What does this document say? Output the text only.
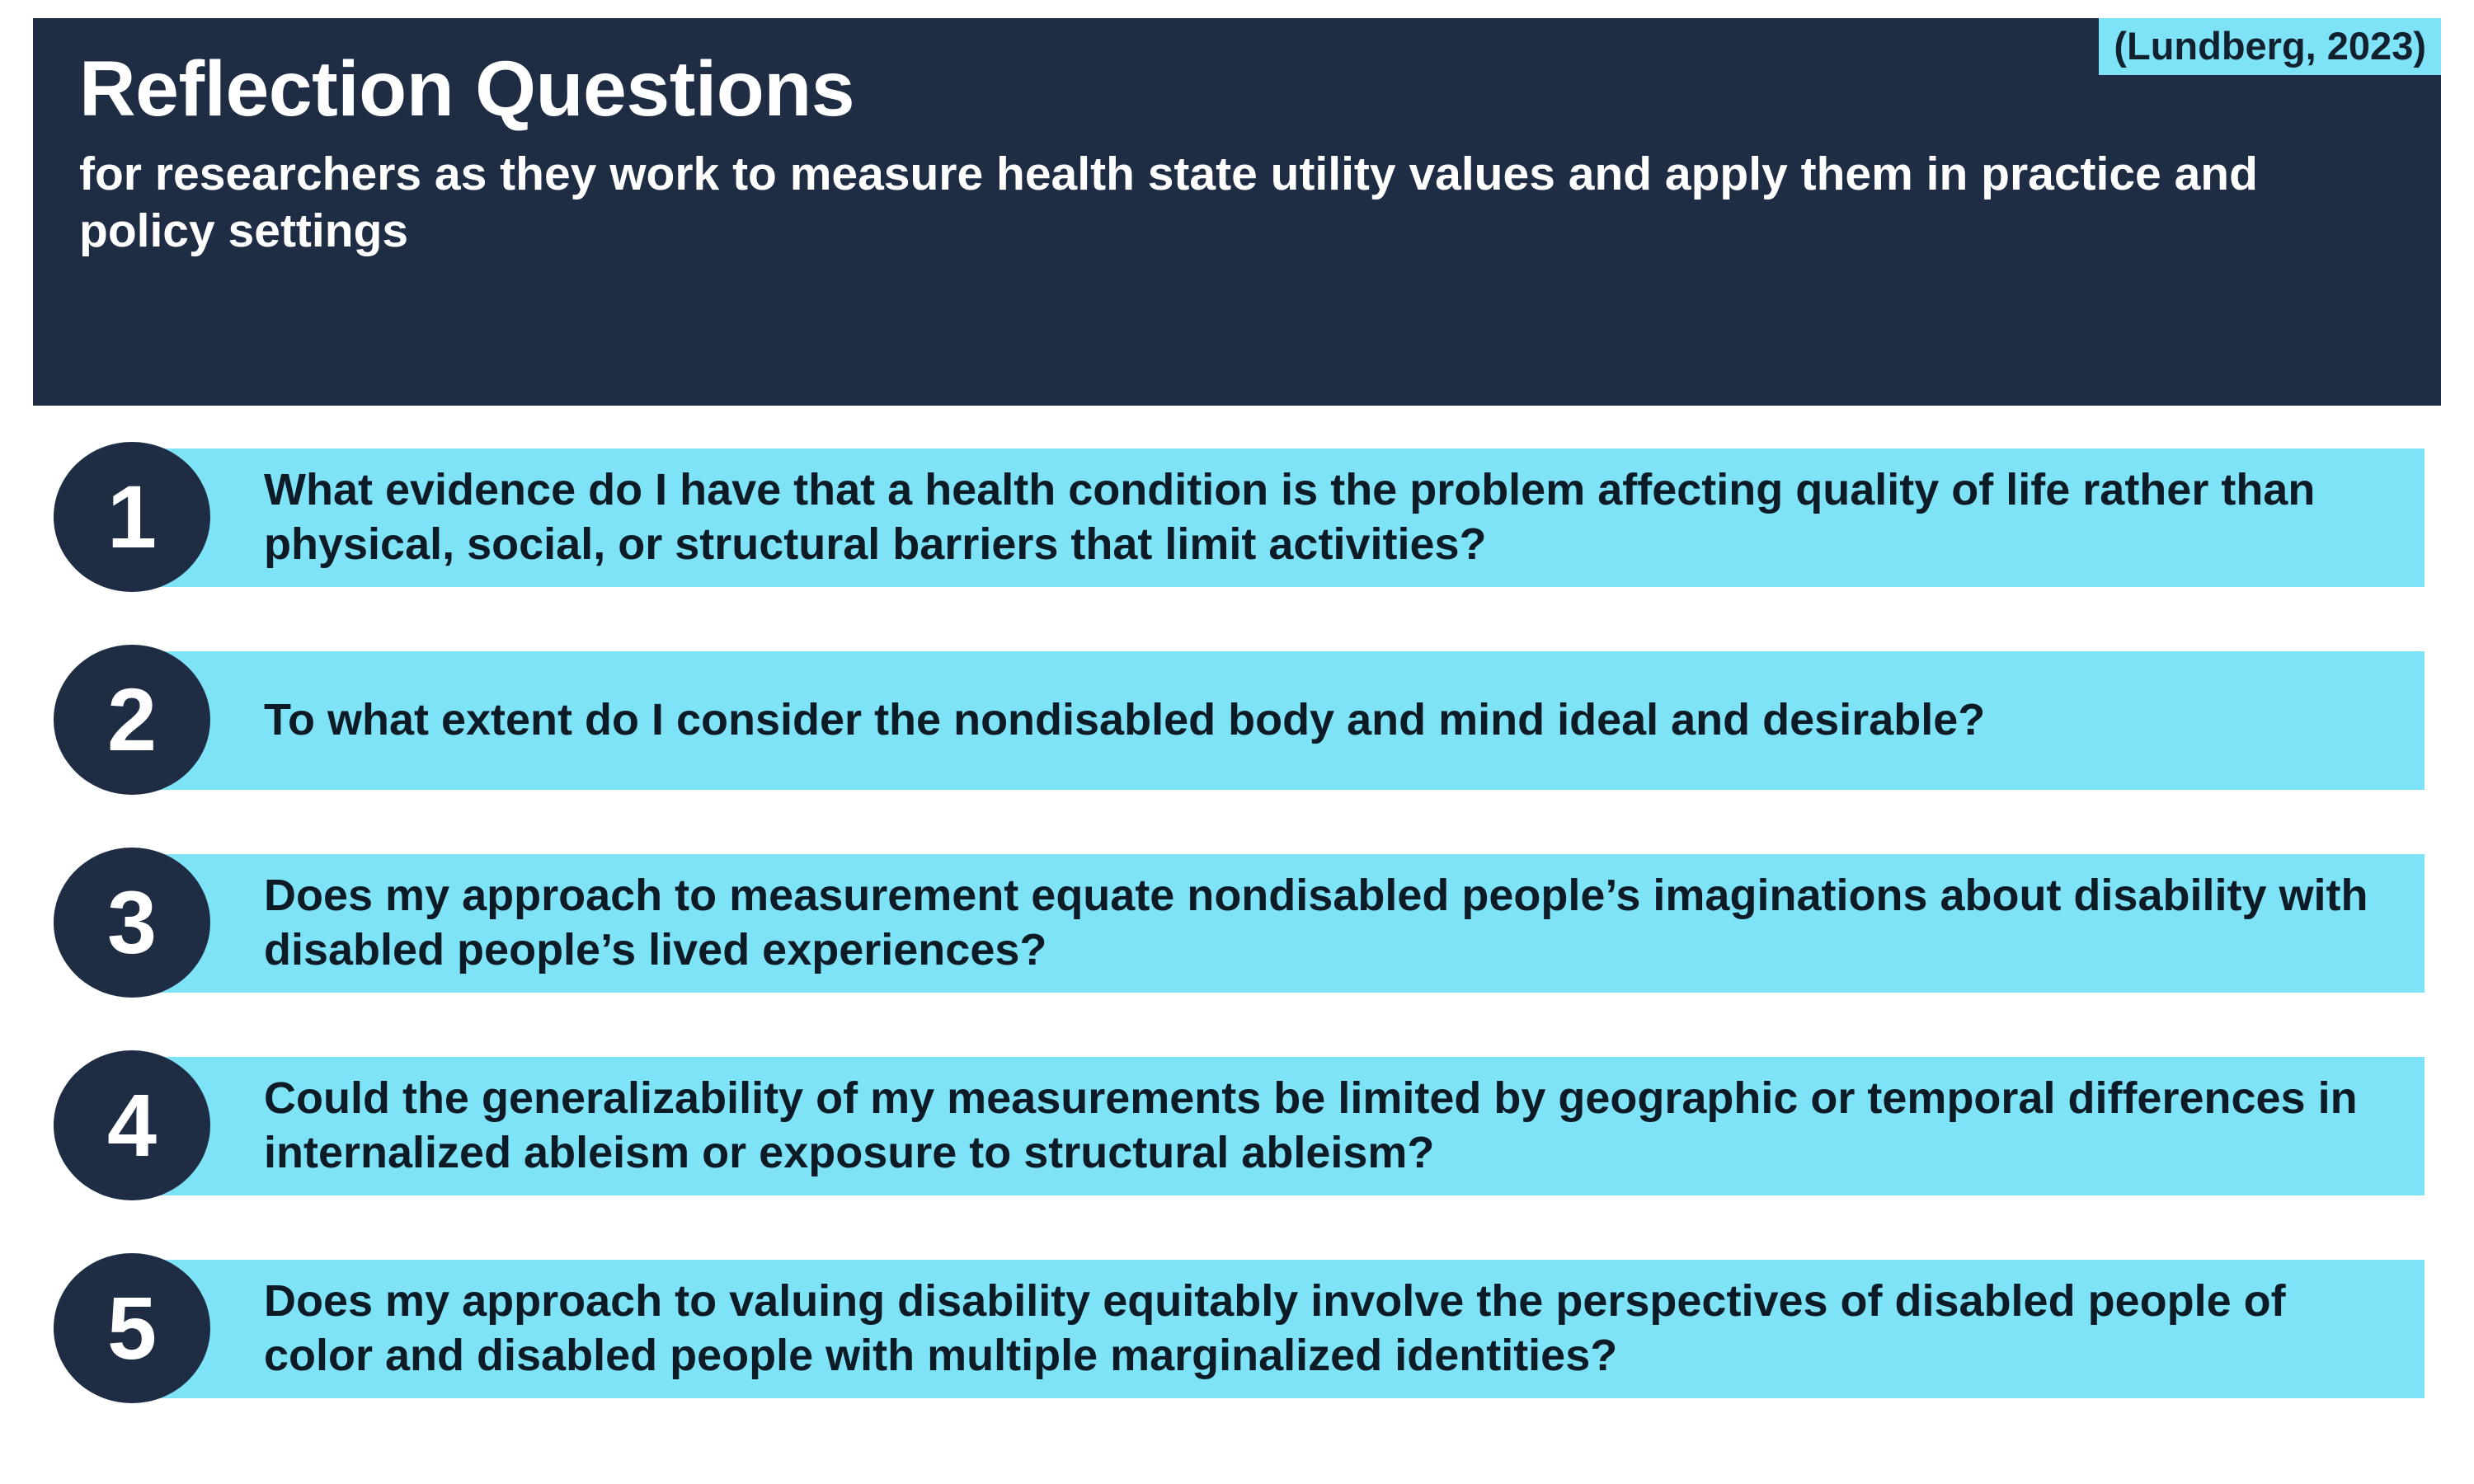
(Lundberg, 2023)
Reflection Questions

for researchers as they work to measure health state utility values and apply them in practice and policy settings

1	What evidence do I have that a health condition is the problem affecting quality of life rather than physical, social, or structural barriers that limit activities?
2	To what extent do I consider the nondisabled body and mind ideal and desirable?
3	Does my approach to measurement equate nondisabled people’s imaginations about disability with disabled people’s lived experiences?
4	Could the generalizability of my measurements be limited by geographic or temporal differences in internalized ableism or exposure to structural ableism?
5	Does my approach to valuing disability equitably involve the perspectives of disabled people of color and disabled people with multiple marginalized identities?
